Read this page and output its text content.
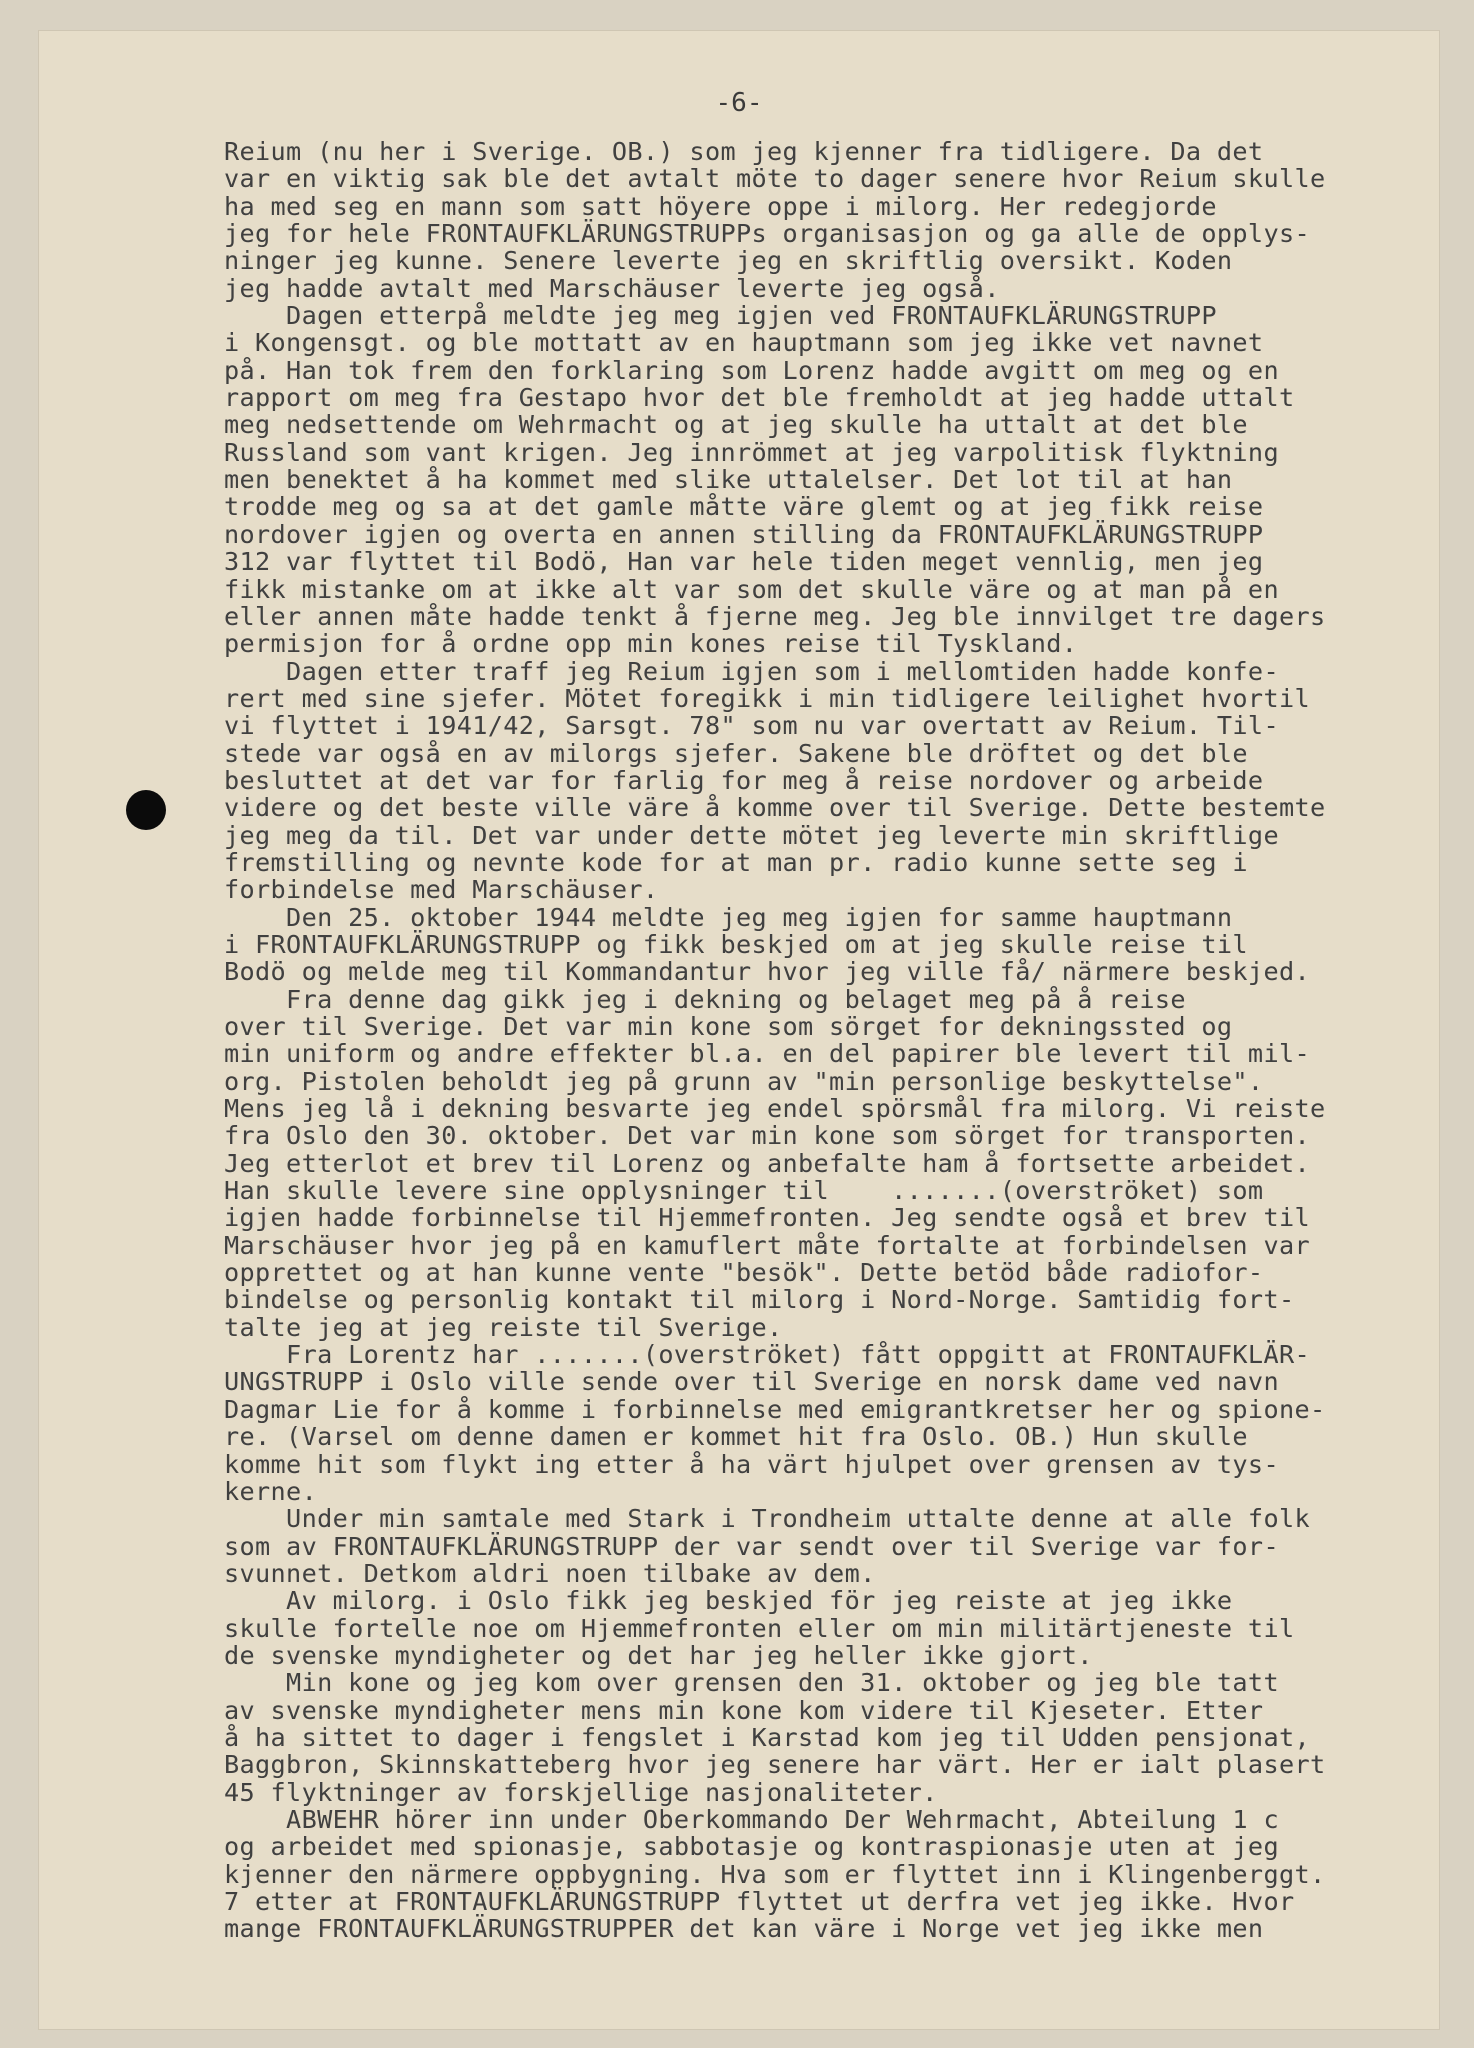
-6-
Reium (nu her i Sverige. OB.) som jeg kjenner fra tidligere. Da det
var en viktig sak ble det avtalt möte to dager senere hvor Reium skulle
ha med seg en mann som satt höyere oppe i milorg. Her redegjorde
jeg for hele FRONTAUFKLÄRUNGSTRUPPs organisasjon og ga alle de opplys-
ninger jeg kunne. Senere leverte jeg en skriftlig oversikt. Koden
jeg hadde avtalt med Marschäuser leverte jeg også.
Dagen etterpå meldte jeg meg igjen ved FRONTAUFKLÄRUNGSTRUPP
i Kongensgt. og ble mottatt av en hauptmann som jeg ikke vet navnet
på. Han tok frem den forklaring som Lorenz hadde avgitt om meg og en
rapport om meg fra Gestapo hvor det ble fremholdt at jeg hadde uttalt
meg nedsettende om Wehrmacht og at jeg skulle ha uttalt at det ble
Russland som vant krigen. Jeg innrömmet at jeg varpolitisk flyktning
men benektet å ha kommet med slike uttalelser. Det lot til at han
trodde meg og sa at det gamle måtte väre glemt og at jeg fikk reise
nordover igjen og overta en annen stilling da FRONTAUFKLÄRUNGSTRUPP
312 var flyttet til Bodö, Han var hele tiden meget vennlig, men jeg
fikk mistanke om at ikke alt var som det skulle väre og at man på en
eller annen måte hadde tenkt å fjerne meg. Jeg ble innvilget tre dagers
permisjon for å ordne opp min kones reise til Tyskland.
Dagen etter traff jeg Reium igjen som i mellomtiden hadde konfe-
rert med sine sjefer. Mötet foregikk i min tidligere leilighet hvortil
vi flyttet i 1941/42, Sarsgt. 78" som nu var overtatt av Reium. Til-
stede var også en av milorgs sjefer. Sakene ble dröftet og det ble
besluttet at det var for farlig for meg å reise nordover og arbeide
videre og det beste ville väre å komme over til Sverige. Dette bestemte
jeg meg da til. Det var under dette mötet jeg leverte min skriftlige
fremstilling og nevnte kode for at man pr. radio kunne sette seg i
forbindelse med Marschäuser.
Den 25. oktober 1944 meldte jeg meg igjen for samme hauptmann
i FRONTAUFKLÄRUNGSTRUPP og fikk beskjed om at jeg skulle reise til
Bodö og melde meg til Kommandantur hvor jeg ville få/ närmere beskjed.
Fra denne dag gikk jeg i dekning og belaget meg på å reise
over til Sverige. Det var min kone som sörget for dekningssted og
min uniform og andre effekter bl.a. en del papirer ble levert til mil-
org. Pistolen beholdt jeg på grunn av "min personlige beskyttelse".
Mens jeg lå i dekning besvarte jeg endel spörsmål fra milorg. Vi reiste
fra Oslo den 30. oktober. Det var min kone som sörget for transporten.
Jeg etterlot et brev til Lorenz og anbefalte ham å fortsette arbeidet.
Han skulle levere sine opplysninger til    .......(overströket) som
igjen hadde forbinnelse til Hjemmefronten. Jeg sendte også et brev til
Marschäuser hvor jeg på en kamuflert måte fortalte at forbindelsen var
opprettet og at han kunne vente "besök". Dette betöd både radiofor-
bindelse og personlig kontakt til milorg i Nord-Norge. Samtidig fort-
talte jeg at jeg reiste til Sverige.
Fra Lorentz har .......(overströket) fått oppgitt at FRONTAUFKLÄR-
UNGSTRUPP i Oslo ville sende over til Sverige en norsk dame ved navn
Dagmar Lie for å komme i forbinnelse med emigrantkretser her og spione-
re. (Varsel om denne damen er kommet hit fra Oslo. OB.) Hun skulle
komme hit som flykt ing etter å ha värt hjulpet over grensen av tys-
kerne.
Under min samtale med Stark i Trondheim uttalte denne at alle folk
som av FRONTAUFKLÄRUNGSTRUPP der var sendt over til Sverige var for-
svunnet. Detkom aldri noen tilbake av dem.
Av milorg. i Oslo fikk jeg beskjed för jeg reiste at jeg ikke
skulle fortelle noe om Hjemmefronten eller om min militärtjeneste til
de svenske myndigheter og det har jeg heller ikke gjort.
Min kone og jeg kom over grensen den 31. oktober og jeg ble tatt
av svenske myndigheter mens min kone kom videre til Kjeseter. Etter
å ha sittet to dager i fengslet i Karstad kom jeg til Udden pensjonat,
Baggbron, Skinnskatteberg hvor jeg senere har värt. Her er ialt plasert
45 flyktninger av forskjellige nasjonaliteter.
ABWEHR hörer inn under Oberkommando Der Wehrmacht, Abteilung 1 c
og arbeidet med spionasje, sabbotasje og kontraspionasje uten at jeg
kjenner den närmere oppbygning. Hva som er flyttet inn i Klingenberggt.
7 etter at FRONTAUFKLÄRUNGSTRUPP flyttet ut derfra vet jeg ikke. Hvor
mange FRONTAUFKLÄRUNGSTRUPPER det kan väre i Norge vet jeg ikke men
